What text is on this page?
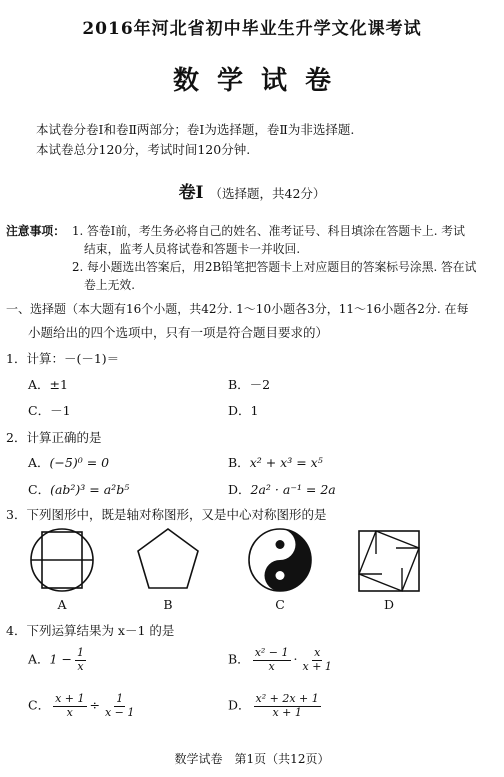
2016年河北省初中毕业生升学文化课考试
数学试卷
本试卷分卷Ⅰ和卷Ⅱ两部分；卷Ⅰ为选择题，卷Ⅱ为非选择题.
本试卷总分120分，考试时间120分钟.
卷Ⅰ （选择题，共42分）
注意事项： 1. 答卷Ⅰ前，考生务必将自己的姓名、准考证号、科目填涂在答题卡上. 考试
结束，监考人员将试卷和答题卡一并收回.
2. 每小题选出答案后，用2B铅笔把答题卡上对应题目的答案标号涂黑. 答在试
卷上无效.
一、选择题（本大题有16个小题，共42分. 1～10小题各3分，11～16小题各2分. 在每
小题给出的四个选项中，只有一项是符合题目要求的）
1．计算：－(－1)＝
A．±1	B．－2
C．－1	D．1
2．计算正确的是
A．(−5)⁰ = 0	B．x² + x³ = x⁵
C．(ab²)³ = a²b⁵	D．2a² · a⁻¹ = 2a
3．下列图形中，既是轴对称图形，又是中心对称图形的是
A	B	C	D
4．下列运算结果为 x－1 的是
A．$1 - \frac{1}{x}$	B． $\frac{\text{x² − 1}}{x} \cdot \frac{x}{x + 1}$
C． $\frac{x + 1}{x} \div \frac{1}{x - 1}$	D． $\frac{\text{x² + 2x + 1}}{x + 1}$
数学试卷　第1页（共12页）
